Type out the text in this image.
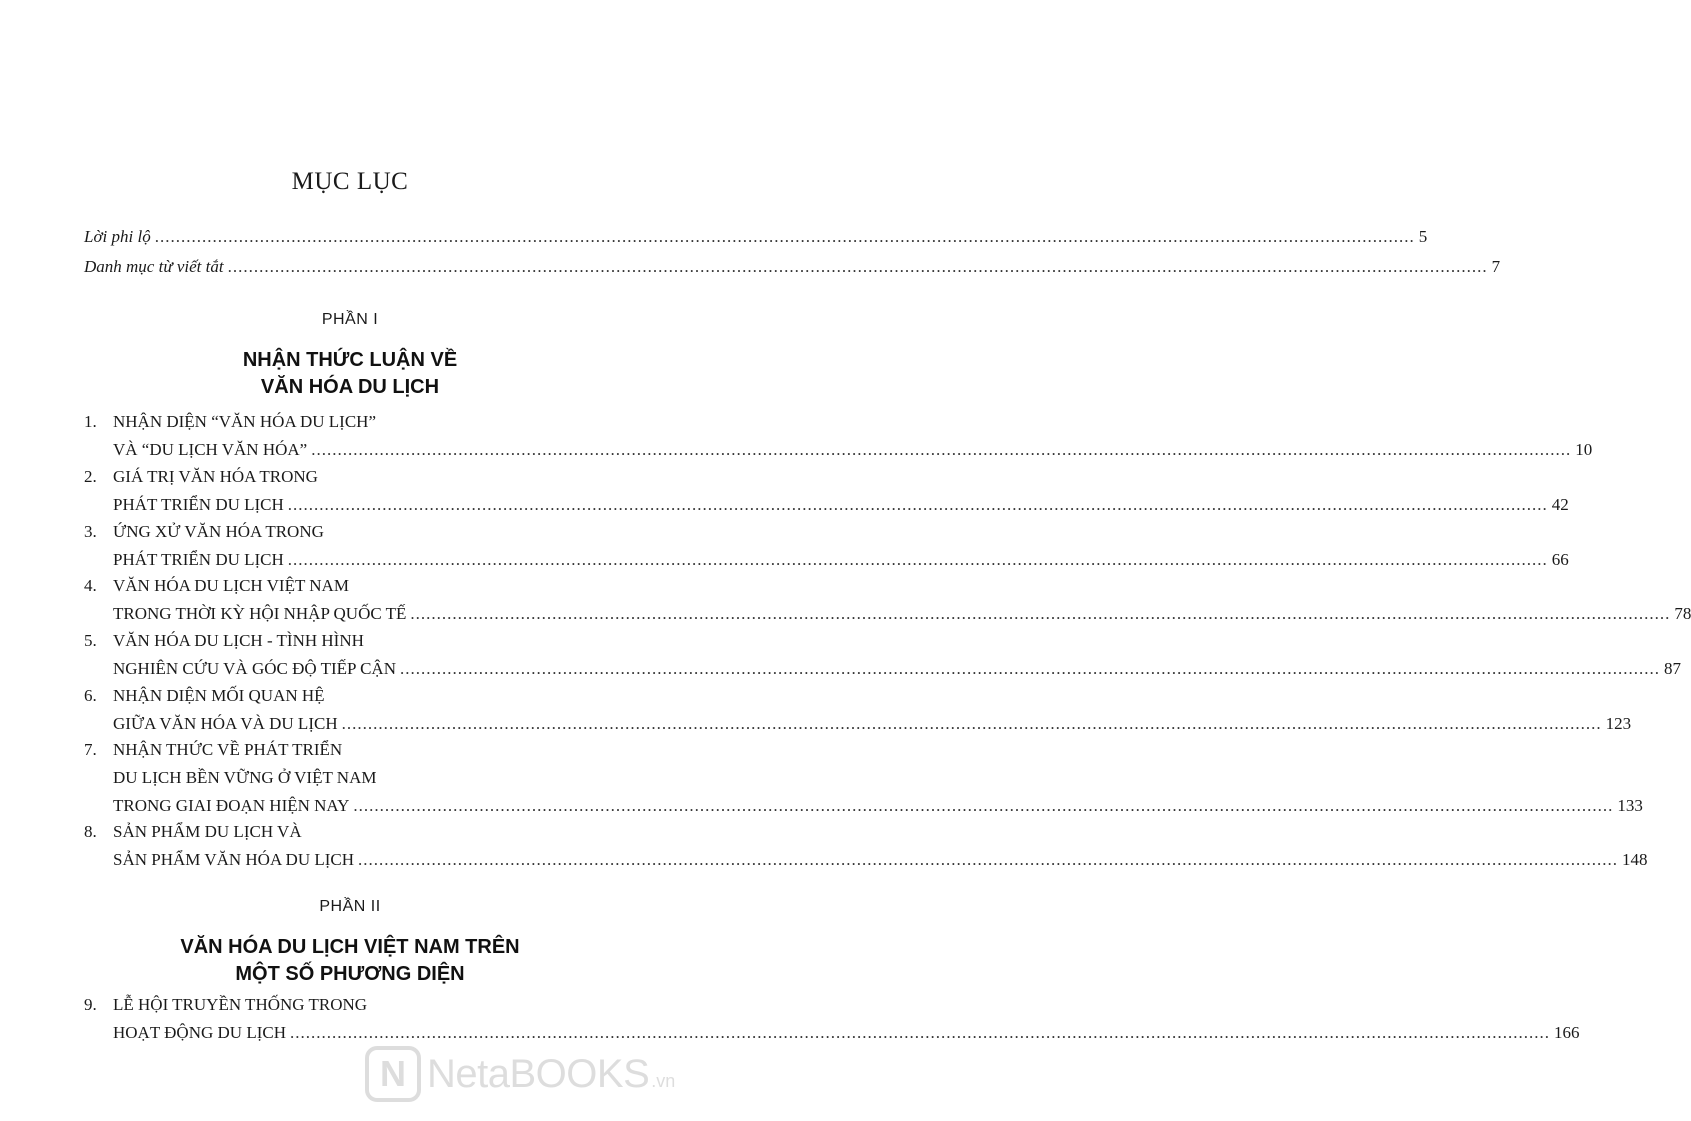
MỤC LỤC
Lời phi lộ ................................................................................................................................................................................................................................................ 5
Danh mục từ viết tắt ................................................................................................................................................................................................................................................ 7
PHẦN I
NHẬN THỨC LUẬN VỀ
VĂN HÓA DU LỊCH
1. NHẬN DIỆN “VĂN HÓA DU LỊCH”
VÀ “DU LỊCH VĂN HÓA” ................................................................................................................................................................................................................................................ 10
2. GIÁ TRỊ VĂN HÓA TRONG
PHÁT TRIỂN DU LỊCH ................................................................................................................................................................................................................................................ 42
3. ỨNG XỬ VĂN HÓA TRONG
PHÁT TRIỂN DU LỊCH ................................................................................................................................................................................................................................................ 66
4. VĂN HÓA DU LỊCH VIỆT NAM
TRONG THỜI KỲ HỘI NHẬP QUỐC TẾ ................................................................................................................................................................................................................................................ 78
5. VĂN HÓA DU LỊCH - TÌNH HÌNH
NGHIÊN CỨU VÀ GÓC ĐỘ TIẾP CẬN ................................................................................................................................................................................................................................................ 87
6. NHẬN DIỆN MỐI QUAN HỆ
GIỮA VĂN HÓA VÀ DU LỊCH ................................................................................................................................................................................................................................................ 123
7. NHẬN THỨC VỀ PHÁT TRIỂN
DU LỊCH BỀN VỮNG Ở VIỆT NAM
TRONG GIAI ĐOẠN HIỆN NAY ................................................................................................................................................................................................................................................ 133
8. SẢN PHẨM DU LỊCH VÀ
SẢN PHẨM VĂN HÓA DU LỊCH ................................................................................................................................................................................................................................................ 148
PHẦN II
VĂN HÓA DU LỊCH VIỆT NAM TRÊN
MỘT SỐ PHƯƠNG DIỆN
9. LỄ HỘI TRUYỀN THỐNG TRONG
HOẠT ĐỘNG DU LỊCH ................................................................................................................................................................................................................................................ 166
N NetaBOOKS .vn
